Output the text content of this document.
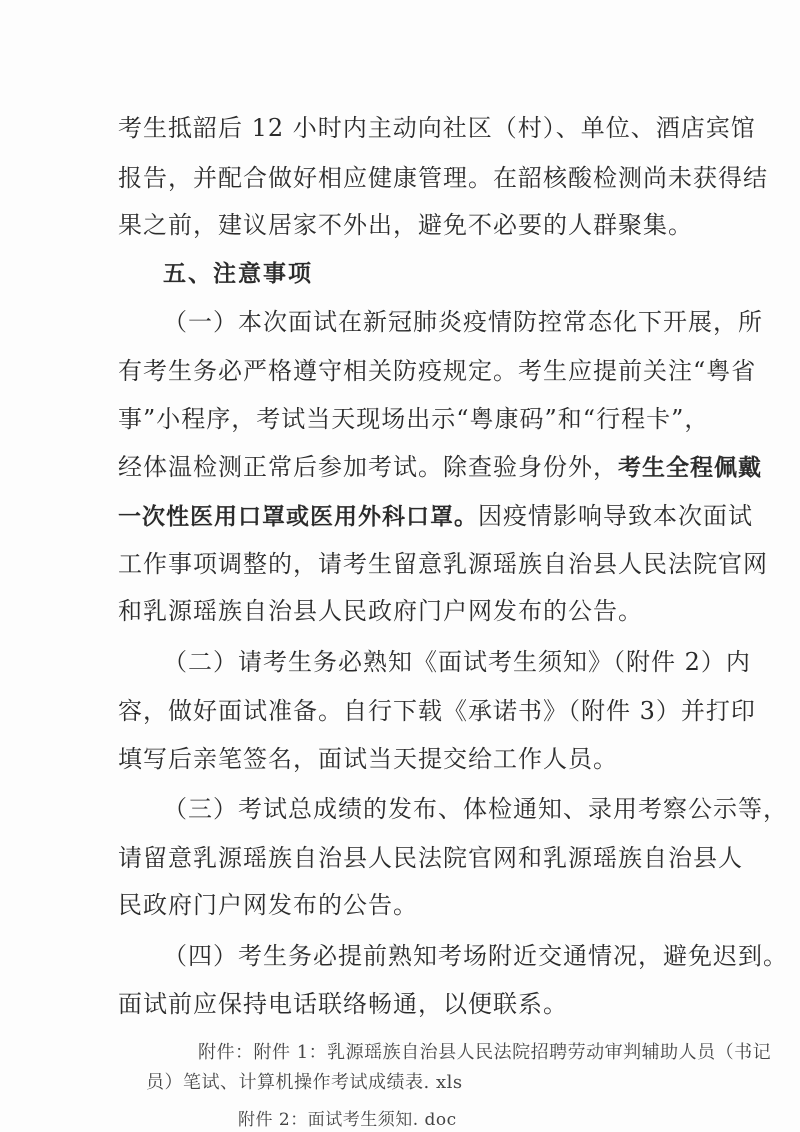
考生抵韶后 12 小时内主动向社区（村）、单位、酒店宾馆
报告，并配合做好相应健康管理。在韶核酸检测尚未获得结
果之前，建议居家不外出，避免不必要的人群聚集。
五、注意事项
（一）本次面试在新冠肺炎疫情防控常态化下开展，所
有考生务必严格遵守相关防疫规定。考生应提前关注“粤省
事”小程序，考试当天现场出示“粤康码”和“行程卡”，
经体温检测正常后参加考试。除查验身份外，考生全程佩戴
一次性医用口罩或医用外科口罩。因疫情影响导致本次面试
工作事项调整的，请考生留意乳源瑶族自治县人民法院官网
和乳源瑶族自治县人民政府门户网发布的公告。
（二）请考生务必熟知《面试考生须知》（附件 2）内
容，做好面试准备。自行下载《承诺书》（附件 3）并打印
填写后亲笔签名，面试当天提交给工作人员。
（三）考试总成绩的发布、体检通知、录用考察公示等，
请留意乳源瑶族自治县人民法院官网和乳源瑶族自治县人
民政府门户网发布的公告。
（四）考生务必提前熟知考场附近交通情况，避免迟到。
面试前应保持电话联络畅通，以便联系。
附件：附件 1：乳源瑶族自治县人民法院招聘劳动审判辅助人员（书记
员）笔试、计算机操作考试成绩表. xls
附件 2：面试考生须知. doc
